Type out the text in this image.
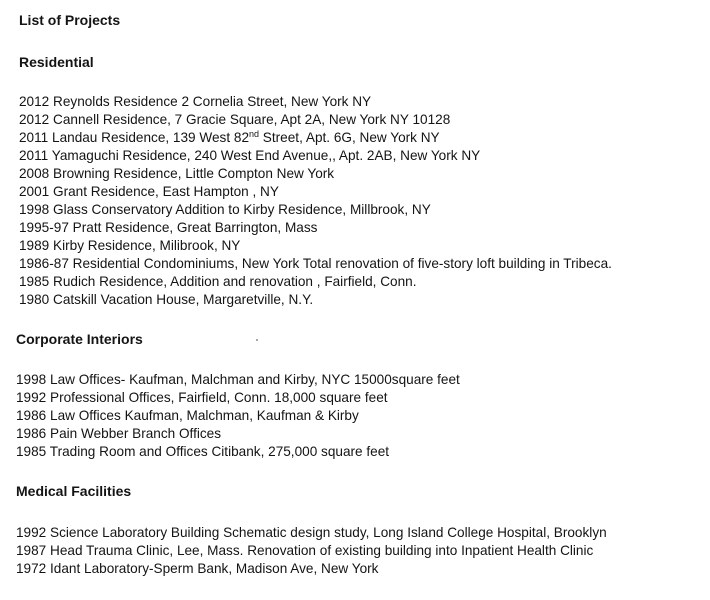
List of Projects
Residential
2012 Reynolds Residence 2 Cornelia Street, New York NY
2012 Cannell Residence, 7 Gracie Square, Apt 2A, New York NY 10128
2011 Landau Residence, 139 West 82nd Street, Apt. 6G, New York NY
2011 Yamaguchi Residence, 240 West End Avenue,, Apt. 2AB, New York NY
2008 Browning Residence, Little Compton New York
2001 Grant Residence, East Hampton , NY
1998 Glass Conservatory Addition to Kirby Residence, Millbrook, NY
1995-97 Pratt Residence, Great Barrington, Mass
1989 Kirby Residence, Milibrook, NY
1986-87 Residential Condominiums, New York Total renovation of five-story loft building in Tribeca.
1985 Rudich Residence, Addition and renovation , Fairfield, Conn.
1980 Catskill Vacation House, Margaretville, N.Y.
Corporate Interiors
1998 Law Offices- Kaufman, Malchman and Kirby, NYC 15000square feet
1992 Professional Offices, Fairfield, Conn. 18,000 square feet
1986 Law Offices Kaufman, Malchman, Kaufman & Kirby
1986 Pain Webber Branch Offices
1985 Trading Room and Offices Citibank, 275,000 square feet
Medical Facilities
1992 Science Laboratory Building Schematic design study, Long Island College Hospital, Brooklyn
1987 Head Trauma Clinic, Lee, Mass. Renovation of existing building into Inpatient Health Clinic
1972 Idant Laboratory-Sperm Bank, Madison Ave, New York
